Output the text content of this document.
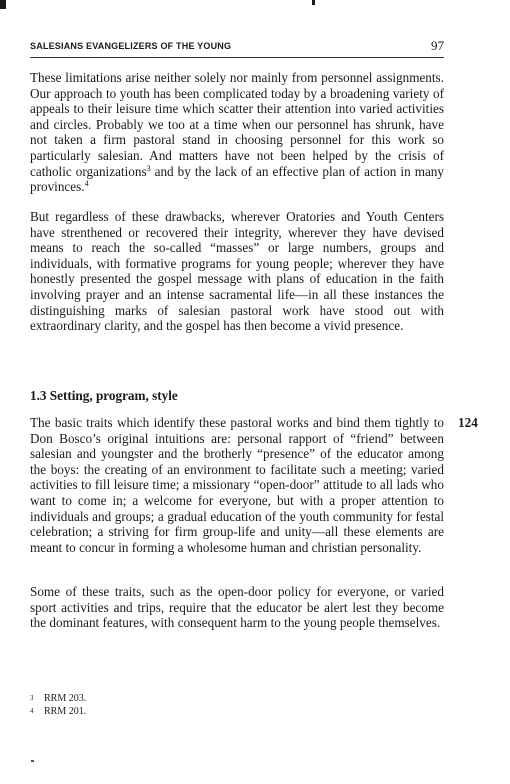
SALESIANS EVANGELIZERS OF THE YOUNG	97

These limitations arise neither solely nor mainly from personnel assignments. Our approach to youth has been complicated today by a broadening variety of appeals to their leisure time which scatter their attention into varied activities and circles. Probably we too at a time when our personnel has shrunk, have not taken a firm pastoral stand in choosing personnel for this work so particularly salesian. And matters have not been helped by the crisis of catholic organizations$^3$ and by the lack of an effective plan of action in many provinces.$^4$

But regardless of these drawbacks, wherever Oratories and Youth Centers have strenthened or recovered their integrity, wherever they have devised means to reach the so-called “masses” or large numbers, groups and individuals, with formative programs for young people; wherever they have honestly presented the gospel message with plans of education in the faith involving prayer and an intense sacramental life—in all these instances the distinguishing marks of salesian pastoral work have stood out with extraordinary clarity, and the gospel has then become a vivid presence.

1.3 Setting, program, style
124

The basic traits which identify these pastoral works and bind them tightly to Don Bosco’s original intuitions are: personal rapport of “friend” between salesian and youngster and the brotherly “presence” of the educator among the boys: the creating of an environment to facilitate such a meeting; varied activities to fill leisure time; a missionary “open-door” attitude to all lads who want to come in; a welcome for everyone, but with a proper attention to individuals and groups; a gradual education of the youth community for festal celebration; a striving for firm group-life and unity—all these elements are meant to concur in forming a wholesome human and christian personality.

Some of these traits, such as the open-door policy for everyone, or varied sport activities and trips, require that the educator be alert lest they become the dominant features, with consequent harm to the young people themselves.

3 RRM 203.
4 RRM 201.
